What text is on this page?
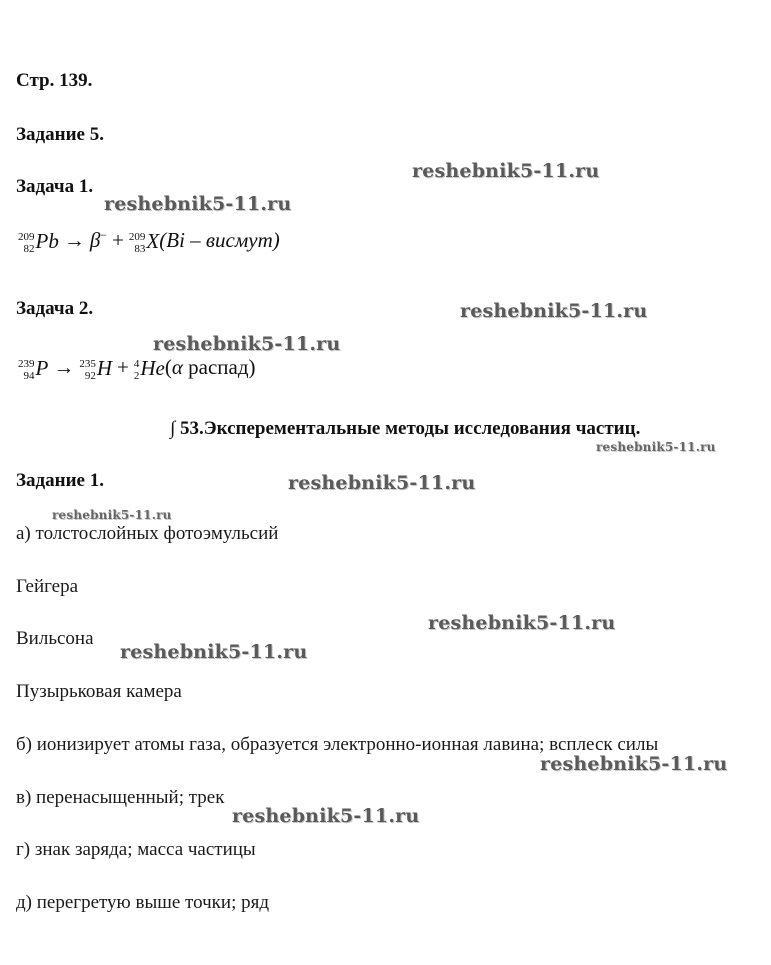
Стр. 139.
Задание 5.
Задача 1.
209
82 Pb → β− + 209
83 X(Bi – висмут)
Задача 2.
239
94 P → 235
92 H + 4
2 He(α распад)
∫ 53.Эксперементальные методы исследования частиц.
Задание 1.
а) толстослойных фотоэмульсий
Гейгера
Вильсона
Пузырьковая камера
б) ионизирует атомы газа, образуется электронно-ионная лавина; всплеск силы
в) перенасыщенный; трек
г) знак заряда; масса частицы
д) перегретую выше точки; ряд
reshebnik5-11.ru
reshebnik5-11.ru
reshebnik5-11.ru
reshebnik5-11.ru
reshebnik5-11.ru
reshebnik5-11.ru
reshebnik5-11.ru
reshebnik5-11.ru
reshebnik5-11.ru
reshebnik5-11.ru
reshebnik5-11.ru
